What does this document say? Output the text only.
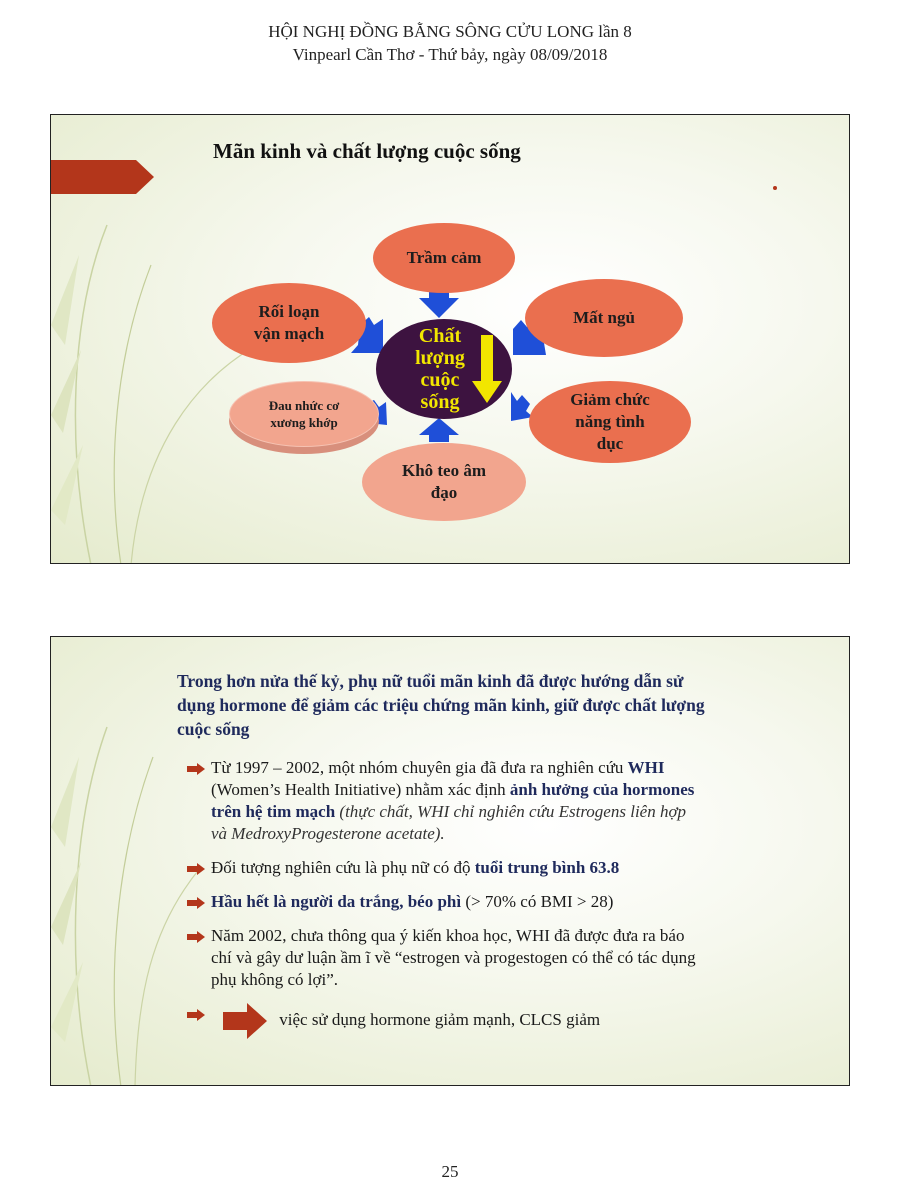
HỘI NGHỊ ĐỒNG BẰNG SÔNG CỬU LONG lần 8
Vinpearl Cần Thơ - Thứ bảy, ngày 08/09/2018
Mãn kinh và chất lượng cuộc sống
Trầm cảm
Rối loạn
vận mạch
Mất ngủ
Chất
lượng
cuộc
sống
Đau nhức cơ
xương khớp
Giảm chức
năng tình
dục
Khô teo âm
đạo
Trong hơn nửa thế kỷ, phụ nữ tuổi mãn kinh đã được hướng dẫn sử dụng hormone để giảm các triệu chứng mãn kinh, giữ được chất lượng cuộc sống
Từ 1997 – 2002, một nhóm chuyên gia đã đưa ra nghiên cứu WHI (Women’s Health Initiative) nhằm xác định ảnh hưởng của hormones trên hệ tim mạch (thực chất, WHI chỉ nghiên cứu Estrogens liên hợp và MedroxyProgesterone acetate).
Đối tượng nghiên cứu là phụ nữ có độ tuổi trung bình 63.8
Hầu hết là người da trắng, béo phì (> 70% có BMI > 28)
Năm 2002, chưa thông qua ý kiến khoa học, WHI đã được đưa ra báo chí và gây dư luận ầm ĩ về “estrogen và progestogen có thể có tác dụng phụ không có lợi”.
việc sử dụng hormone giảm mạnh, CLCS giảm
25
